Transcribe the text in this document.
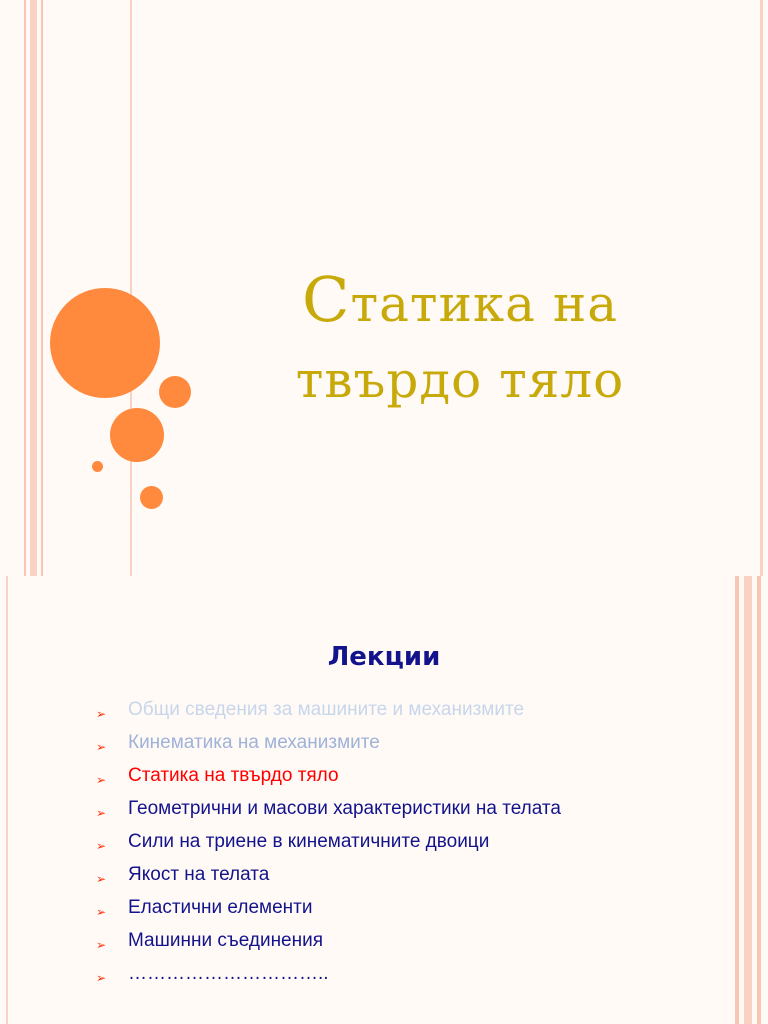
Статика на
твърдо тяло
Лекции
➢ Общи сведения за машините и механизмите
➢ Кинематика на механизмите
➢ Статика на твърдо тяло
➢ Геометрични и масови характеристики на телата
➢ Сили на триене в кинематичните двоици
➢ Якост на телата
➢ Еластични елементи
➢ Машинни съединения
➢ …………………………..
